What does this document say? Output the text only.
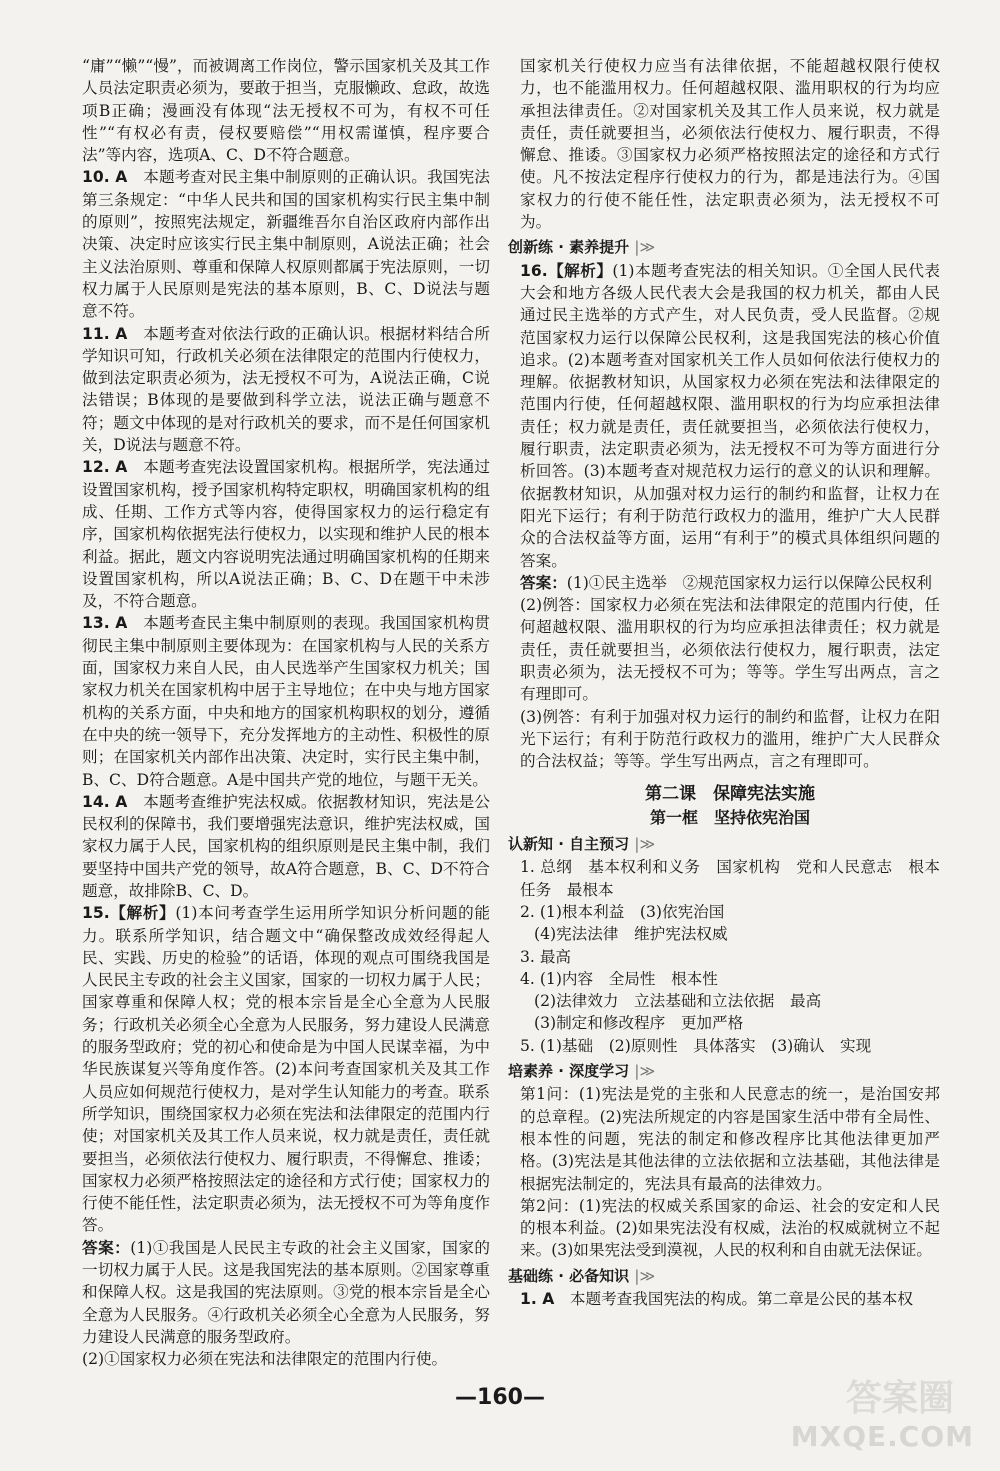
“庸”“懒”“慢”，而被调离工作岗位，警示国家机关及其工作人员法定职责必须为，要敢于担当，克服懒政、怠政，故选项B正确；漫画没有体现“法无授权不可为，有权不可任性”“有权必有责，侵权要赔偿”“用权需谨慎，程序要合法”等内容，选项A、C、D不符合题意。

10. A　 本题考查对民主集中制原则的正确认识。我国宪法第三条规定：“中华人民共和国的国家机构实行民主集中制的原则”，按照宪法规定，新疆维吾尔自治区政府内部作出决策、决定时应该实行民主集中制原则，A说法正确；社会主义法治原则、尊重和保障人权原则都属于宪法原则，一切权力属于人民原则是宪法的基本原则，B、C、D说法与题意不符。

11. A　 本题考查对依法行政的正确认识。根据材料结合所学知识可知，行政机关必须在法律限定的范围内行使权力，做到法定职责必须为，法无授权不可为，A说法正确，C说法错误；B体现的是要做到科学立法，说法正确与题意不符；题文中体现的是对行政机关的要求，而不是任何国家机关，D说法与题意不符。

12. A　 本题考查宪法设置国家机构。根据所学，宪法通过设置国家机构，授予国家机构特定职权，明确国家机构的组成、任期、工作方式等内容，使得国家权力的运行稳定有序，国家机构依据宪法行使权力，以实现和维护人民的根本利益。据此，题文内容说明宪法通过明确国家机构的任期来设置国家机构，所以A说法正确；B、C、D在题干中未涉及，不符合题意。

13. A　 本题考查民主集中制原则的表现。我国国家机构贯彻民主集中制原则主要体现为：在国家机构与人民的关系方面，国家权力来自人民，由人民选举产生国家权力机关；国家权力机关在国家机构中居于主导地位；在中央与地方国家机构的关系方面，中央和地方的国家机构职权的划分，遵循在中央的统一领导下，充分发挥地方的主动性、积极性的原则；在国家机关内部作出决策、决定时，实行民主集中制，B、C、D符合题意。A是中国共产党的地位，与题干无关。

14. A　 本题考查维护宪法权威。依据教材知识，宪法是公民权利的保障书，我们要增强宪法意识，维护宪法权威，国家权力属于人民，国家机构的组织原则是民主集中制，我们要坚持中国共产党的领导，故A符合题意，B、C、D不符合题意，故排除B、C、D。

15.【解析】(1)本问考查学生运用所学知识分析问题的能力。联系所学知识，结合题文中“确保整改成效经得起人民、实践、历史的检验”的话语，体现的观点可围绕我国是人民民主专政的社会主义国家，国家的一切权力属于人民；国家尊重和保障人权；党的根本宗旨是全心全意为人民服务；行政机关必须全心全意为人民服务，努力建设人民满意的服务型政府；党的初心和使命是为中国人民谋幸福，为中华民族谋复兴等角度作答。(2)本问考查国家机关及其工作人员应如何规范行使权力，是对学生认知能力的考查。联系所学知识，围绕国家权力必须在宪法和法律限定的范围内行使；对国家机关及其工作人员来说，权力就是责任，责任就要担当，必须依法行使权力、履行职责，不得懈怠、推诿；国家权力必须严格按照法定的途径和方式行使；国家权力的行使不能任性，法定职责必须为，法无授权不可为等角度作答。

答案：(1)①我国是人民民主专政的社会主义国家，国家的一切权力属于人民。这是我国宪法的基本原则。②国家尊重和保障人权。这是我国的宪法原则。③党的根本宗旨是全心全意为人民服务。④行政机关必须全心全意为人民服务，努力建设人民满意的服务型政府。

(2)①国家权力必须在宪法和法律限定的范围内行使。

国家机关行使权力应当有法律依据，不能超越权限行使权力，也不能滥用权力。任何超越权限、滥用职权的行为均应承担法律责任。②对国家机关及其工作人员来说，权力就是责任，责任就要担当，必须依法行使权力、履行职责，不得懈怠、推诿。③国家权力必须严格按照法定的途径和方式行使。凡不按法定程序行使权力的行为，都是违法行为。④国家权力的行使不能任性，法定职责必须为，法无授权不可为。

创新练 · 素养提升 |≫

16.【解析】(1)本题考查宪法的相关知识。①全国人民代表大会和地方各级人民代表大会是我国的权力机关，都由人民通过民主选举的方式产生，对人民负责，受人民监督。②规范国家权力运行以保障公民权利，这是我国宪法的核心价值追求。(2)本题考查对国家机关工作人员如何依法行使权力的理解。依据教材知识，从国家权力必须在宪法和法律限定的范围内行使，任何超越权限、滥用职权的行为均应承担法律责任；权力就是责任，责任就要担当，必须依法行使权力，履行职责，法定职责必须为，法无授权不可为等方面进行分析回答。(3)本题考查对规范权力运行的意义的认识和理解。依据教材知识，从加强对权力运行的制约和监督，让权力在阳光下运行；有利于防范行政权力的滥用，维护广大人民群众的合法权益等方面，运用“有利于”的模式具体组织问题的答案。

答案：(1)①民主选举　②规范国家权力运行以保障公民权利

(2)例答：国家权力必须在宪法和法律限定的范围内行使，任何超越权限、滥用职权的行为均应承担法律责任；权力就是责任，责任就要担当，必须依法行使权力，履行职责，法定职责必须为，法无授权不可为；等等。学生写出两点，言之有理即可。

(3)例答：有利于加强对权力运行的制约和监督，让权力在阳光下运行；有利于防范行政权力的滥用，维护广大人民群众的合法权益；等等。学生写出两点，言之有理即可。

第二课　保障宪法实施
第一框　坚持依宪治国
认新知 · 自主预习 |≫

1. 总纲　基本权利和义务　国家机构　党和人民意志　根本任务　最根本

2. (1)根本利益　(3)依宪治国

(4)宪法法律　维护宪法权威

3. 最高

4. (1)内容　全局性　根本性

(2)法律效力　立法基础和立法依据　最高

(3)制定和修改程序　更加严格

5. (1)基础　(2)原则性　具体落实　(3)确认　实现

培素养 · 深度学习 |≫

第1问：(1)宪法是党的主张和人民意志的统一，是治国安邦的总章程。(2)宪法所规定的内容是国家生活中带有全局性、根本性的问题，宪法的制定和修改程序比其他法律更加严格。(3)宪法是其他法律的立法依据和立法基础，其他法律是根据宪法制定的，宪法具有最高的法律效力。

第2问：(1)宪法的权威关系国家的命运、社会的安定和人民的根本利益。(2)如果宪法没有权威，法治的权威就树立不起来。(3)如果宪法受到漠视，人民的权利和自由就无法保证。

基础练 · 必备知识 |≫

1. A　 本题考查我国宪法的构成。第二章是公民的基本权

—160—	答案圈
MXQE.COM
